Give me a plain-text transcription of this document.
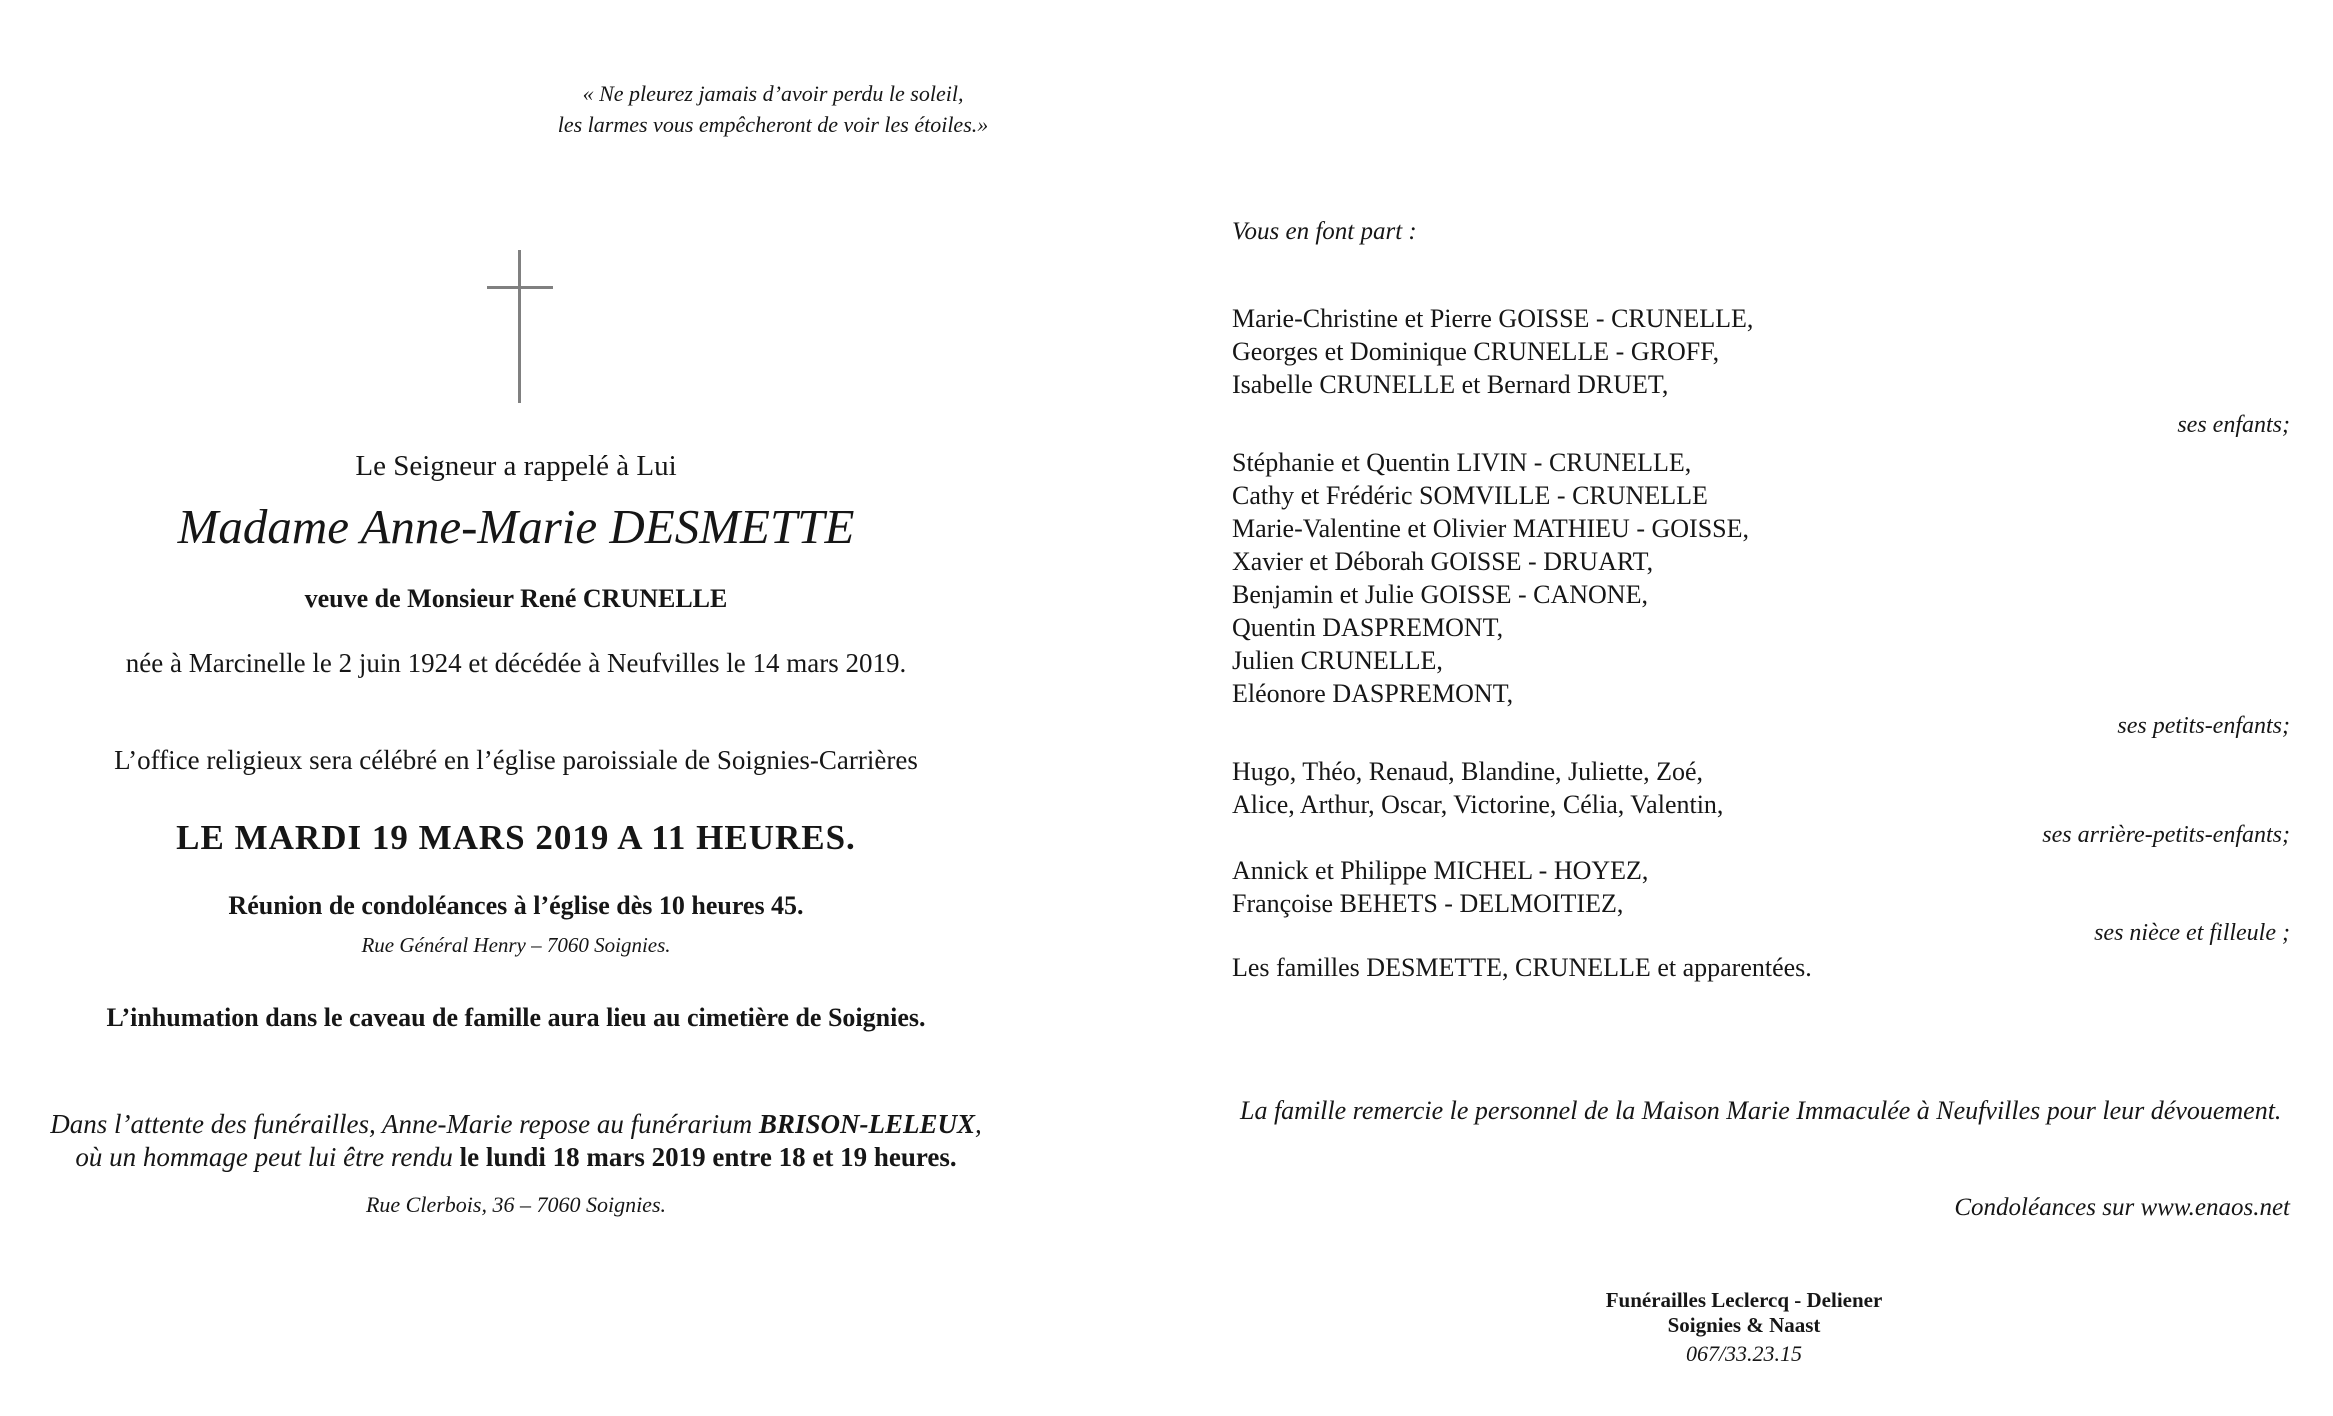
« Ne pleurez jamais d’avoir perdu le soleil,
les larmes vous empêcheront de voir les étoiles.»
Le Seigneur a rappelé à Lui
Madame Anne-Marie DESMETTE
veuve de Monsieur René CRUNELLE
née à Marcinelle le 2 juin 1924 et décédée à Neufvilles le 14 mars 2019.
L’office religieux sera célébré en l’église paroissiale de Soignies-Carrières
LE MARDI 19 MARS 2019 A 11 HEURES.
Réunion de condoléances à l’église dès 10 heures 45.
Rue Général Henry – 7060 Soignies.
L’inhumation dans le caveau de famille aura lieu au cimetière de Soignies.
Dans l’attente des funérailles, Anne-Marie repose au funérarium BRISON-LELEUX,
où un hommage peut lui être rendu le lundi 18 mars 2019 entre 18 et 19 heures.
Rue Clerbois, 36 – 7060 Soignies.
Vous en font part :
Marie-Christine et Pierre GOISSE - CRUNELLE,
Georges et Dominique CRUNELLE - GROFF,
Isabelle CRUNELLE et Bernard DRUET,
ses enfants;
Stéphanie et Quentin LIVIN - CRUNELLE,
Cathy et Frédéric SOMVILLE - CRUNELLE
Marie-Valentine et Olivier MATHIEU - GOISSE,
Xavier et Déborah GOISSE - DRUART,
Benjamin et Julie GOISSE - CANONE,
Quentin DASPREMONT,
Julien CRUNELLE,
Eléonore DASPREMONT,
ses petits-enfants;
Hugo, Théo, Renaud, Blandine, Juliette, Zoé,
Alice, Arthur, Oscar, Victorine, Célia, Valentin,
ses arrière-petits-enfants;
Annick et Philippe MICHEL - HOYEZ,
Françoise BEHETS - DELMOITIEZ,
ses nièce et filleule ;
Les familles DESMETTE, CRUNELLE et apparentées.
La famille remercie le personnel de la Maison Marie Immaculée à Neufvilles pour leur dévouement.
Condoléances sur www.enaos.net
Funérailles Leclercq - Deliener
Soignies & Naast
067/33.23.15
